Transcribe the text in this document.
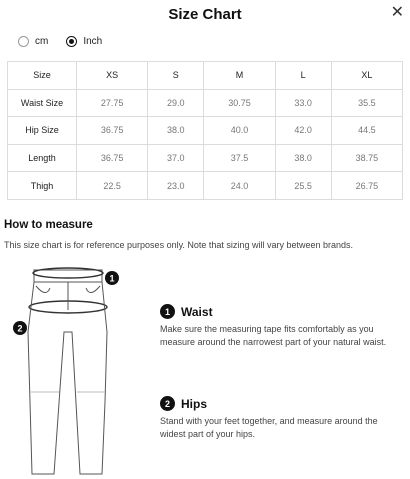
Size Chart	✕
cm	Inch
Size	XS	S	M	L	XL
Waist Size	27.75	29.0	30.75	33.0	35.5
Hip Size	36.75	38.0	40.0	42.0	44.5
Length	36.75	37.0	37.5	38.0	38.75
Thigh	22.5	23.0	24.0	25.5	26.75
How to measure
This size chart is for reference purposes only. Note that sizing will vary between brands.
1
2
1 Waist
Make sure the measuring tape fits comfortably as you measure around the narrowest part of your natural waist.
2 Hips
Stand with your feet together, and measure around the widest part of your hips.
